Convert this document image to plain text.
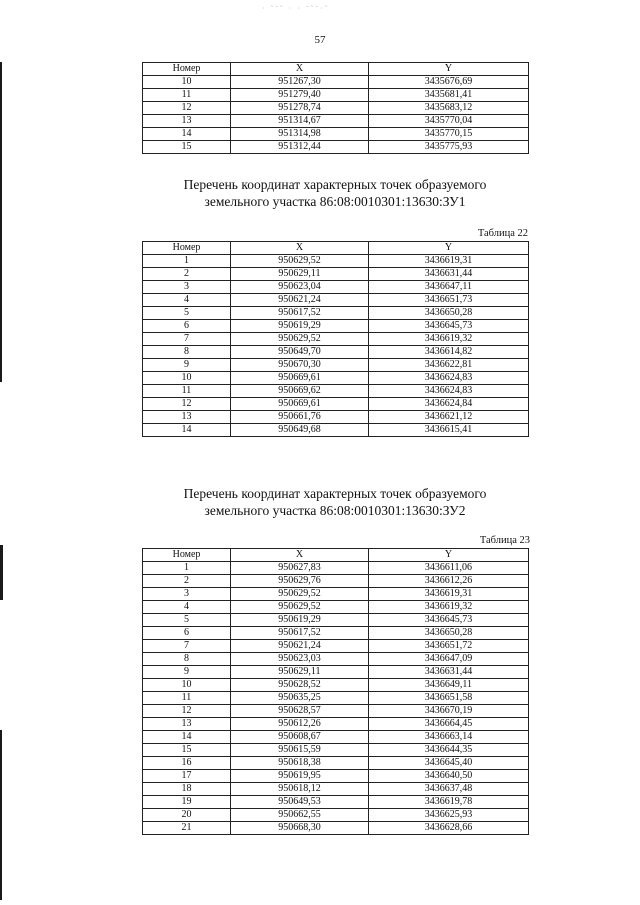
· ˜ˉ˜ · · ˉ˜ˉ·˜
57
Номер	X	Y
10	951267,30	3435676,69
11	951279,40	3435681,41
12	951278,74	3435683,12
13	951314,67	3435770,04
14	951314,98	3435770,15
15	951312,44	3435775,93
Перечень координат характерных точек образуемого
земельного участка 86:08:0010301:13630:ЗУ1
Таблица 22
Номер	X	Y
1	950629,52	3436619,31
2	950629,11	3436631,44
3	950623,04	3436647,11
4	950621,24	3436651,73
5	950617,52	3436650,28
6	950619,29	3436645,73
7	950629,52	3436619,32
8	950649,70	3436614,82
9	950670,30	3436622,81
10	950669,61	3436624,83
11	950669,62	3436624,83
12	950669,61	3436624,84
13	950661,76	3436621,12
14	950649,68	3436615,41
Перечень координат характерных точек образуемого
земельного участка 86:08:0010301:13630:ЗУ2
Таблица 23
Номер	X	Y
1	950627,83	3436611,06
2	950629,76	3436612,26
3	950629,52	3436619,31
4	950629,52	3436619,32
5	950619,29	3436645,73
6	950617,52	3436650,28
7	950621,24	3436651,72
8	950623,03	3436647,09
9	950629,11	3436631,44
10	950628,52	3436649,11
11	950635,25	3436651,58
12	950628,57	3436670,19
13	950612,26	3436664,45
14	950608,67	3436663,14
15	950615,59	3436644,35
16	950618,38	3436645,40
17	950619,95	3436640,50
18	950618,12	3436637,48
19	950649,53	3436619,78
20	950662,55	3436625,93
21	950668,30	3436628,66
